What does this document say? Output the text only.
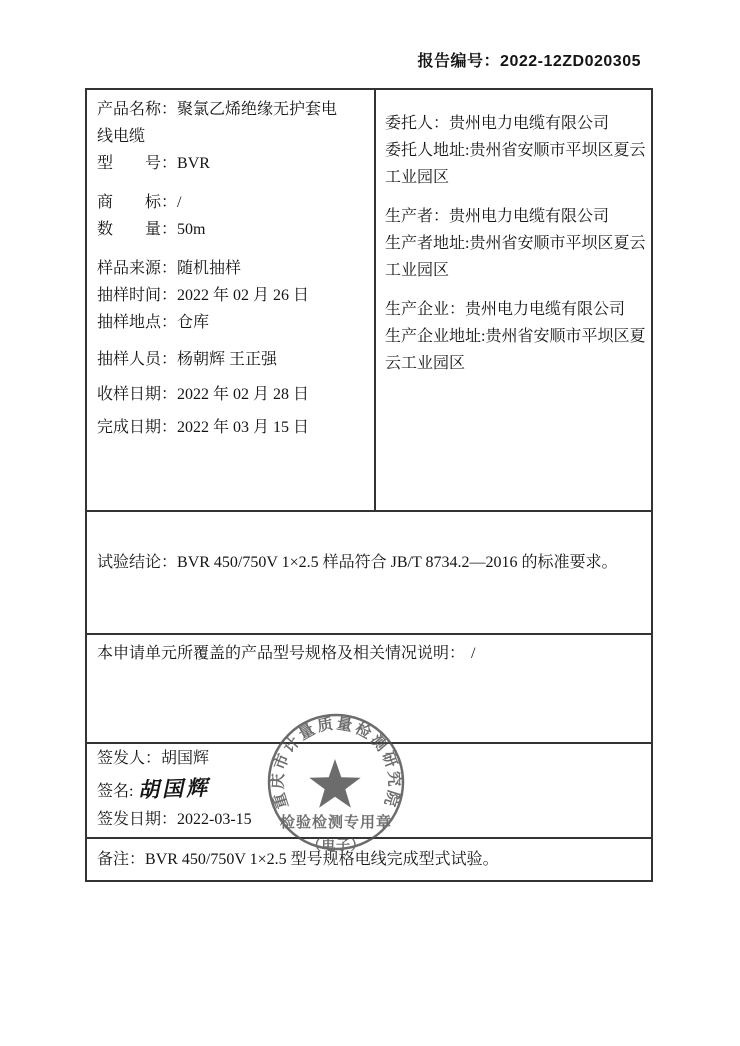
报告编号：2022-12ZD020305
产品名称：聚氯乙烯绝缘无护套电线电缆
型　　号：BVR
商　　标：/
数　　量：50m
样品来源：随机抽样
抽样时间：2022 年 02 月 26 日
抽样地点：仓库
抽样人员：杨朝辉 王正强
收样日期：2022 年 02 月 28 日
完成日期：2022 年 03 月 15 日
委托人：贵州电力电缆有限公司
委托人地址:贵州省安顺市平坝区夏云工业园区
生产者：贵州电力电缆有限公司
生产者地址:贵州省安顺市平坝区夏云工业园区
生产企业：贵州电力电缆有限公司
生产企业地址:贵州省安顺市平坝区夏云工业园区
试验结论：BVR 450/750V 1×2.5 样品符合 JB/T 8734.2—2016 的标准要求。
本申请单元所覆盖的产品型号规格及相关情况说明： /
签发人：胡国辉
签名: 胡国辉
签发日期：2022-03-15
备注：BVR 450/750V 1×2.5 型号规格电线完成型式试验。
重庆市计量质量检测研究院
检验检测专用章
（电子）
